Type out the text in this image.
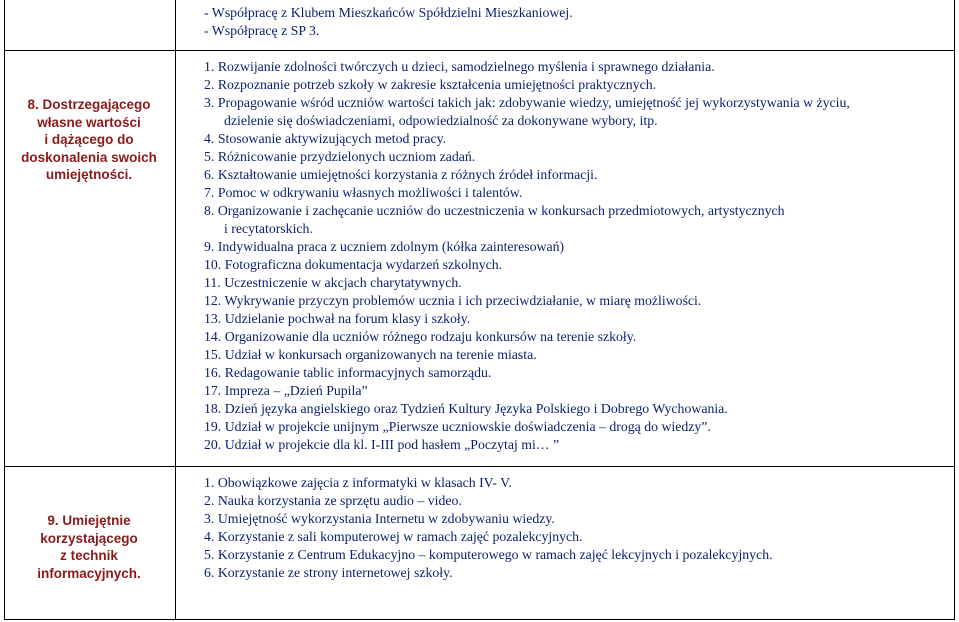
- Współpracę z Klubem Mieszkańców Spółdzielni Mieszkaniowej.
- Współpracę z SP 3.
8. Dostrzegającego
własne wartości
i dążącego do
doskonalenia swoich
umiejętności.
1. Rozwijanie zdolności twórczych u dzieci, samodzielnego myślenia i sprawnego działania.
2. Rozpoznanie potrzeb szkoły w zakresie kształcenia umiejętności praktycznych.
3. Propagowanie wśród uczniów wartości takich jak: zdobywanie wiedzy, umiejętność jej wykorzystywania w życiu,
dzielenie się doświadczeniami, odpowiedzialność za dokonywane wybory, itp.
4. Stosowanie aktywizujących metod pracy.
5. Różnicowanie przydzielonych uczniom zadań.
6. Kształtowanie umiejętności korzystania z różnych źródeł informacji.
7. Pomoc w odkrywaniu własnych możliwości i talentów.
8. Organizowanie i zachęcanie uczniów do uczestniczenia w konkursach przedmiotowych, artystycznych
i recytatorskich.
9. Indywidualna praca z uczniem zdolnym (kółka zainteresowań)
10. Fotograficzna dokumentacja wydarzeń szkolnych.
11. Uczestniczenie w akcjach charytatywnych.
12. Wykrywanie przyczyn problemów ucznia i ich przeciwdziałanie, w miarę możliwości.
13. Udzielanie pochwał na forum klasy i szkoły.
14. Organizowanie dla uczniów różnego rodzaju konkursów na terenie szkoły.
15. Udział w konkursach organizowanych na terenie miasta.
16. Redagowanie tablic informacyjnych samorządu.
17. Impreza – „Dzień Pupila”
18. Dzień języka angielskiego oraz Tydzień Kultury Języka Polskiego i Dobrego Wychowania.
19. Udział w projekcie unijnym „Pierwsze uczniowskie doświadczenia – drogą do wiedzy”.
20. Udział w projekcie dla kl. I-III pod hasłem „Poczytaj mi… ”
9. Umiejętnie
korzystającego
z technik
informacyjnych.
1. Obowiązkowe zajęcia z informatyki w klasach IV- V.
2. Nauka korzystania ze sprzętu audio – video.
3. Umiejętność wykorzystania Internetu w zdobywaniu wiedzy.
4. Korzystanie z sali komputerowej w ramach zajęć pozalekcyjnych.
5. Korzystanie z Centrum Edukacyjno – komputerowego w ramach zajęć lekcyjnych i pozalekcyjnych.
6. Korzystanie ze strony internetowej szkoły.
